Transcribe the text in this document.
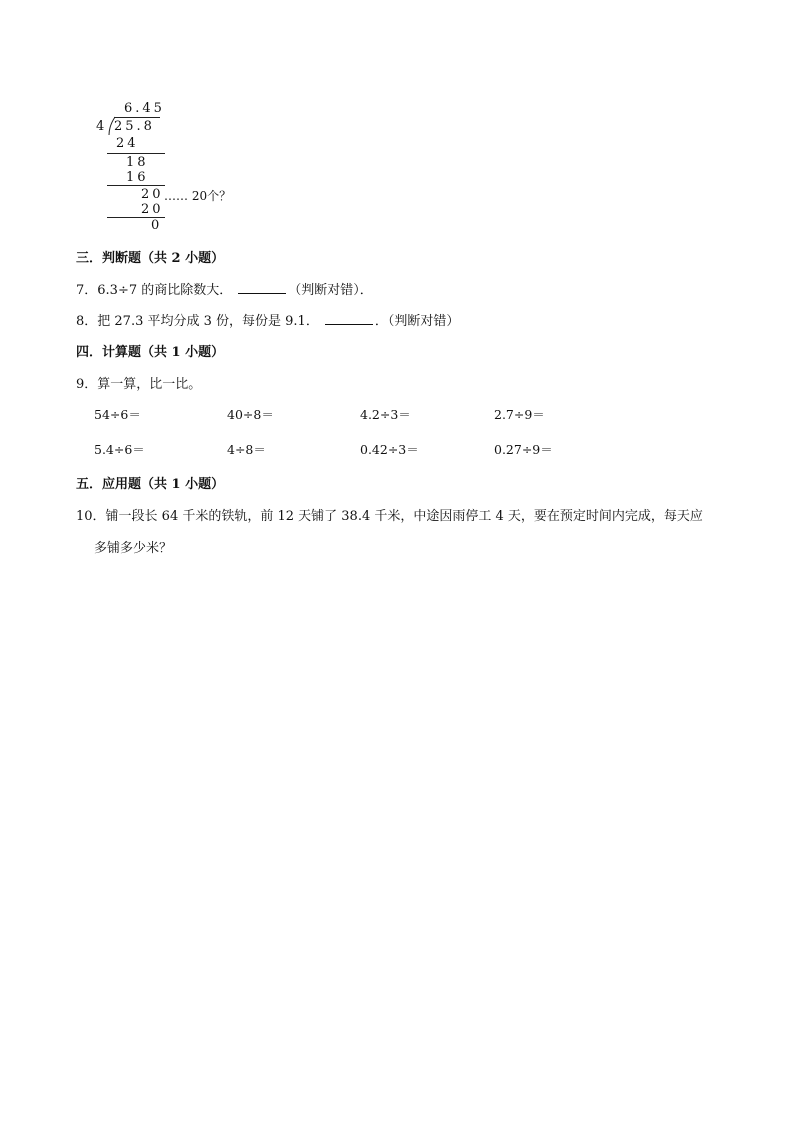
6.45
4 25.8
24
18
16
20 …… 20个？
20
0
三．判断题（共 2 小题）
7．6.3÷7 的商比除数大．	（判断对错）．
8．把 27.3 平均分成 3 份，每份是 9.1．	．（判断对错）
四．计算题（共 1 小题）
9．算一算，比一比。
54÷6＝	40÷8＝	4.2÷3＝	2.7÷9＝
5.4÷6＝	4÷8＝	0.42÷3＝	0.27÷9＝
五．应用题（共 1 小题）
10．铺一段长 64 千米的铁轨，前 12 天铺了 38.4 千米，中途因雨停工 4 天，要在预定时间内完成，每天应
多铺多少米？
